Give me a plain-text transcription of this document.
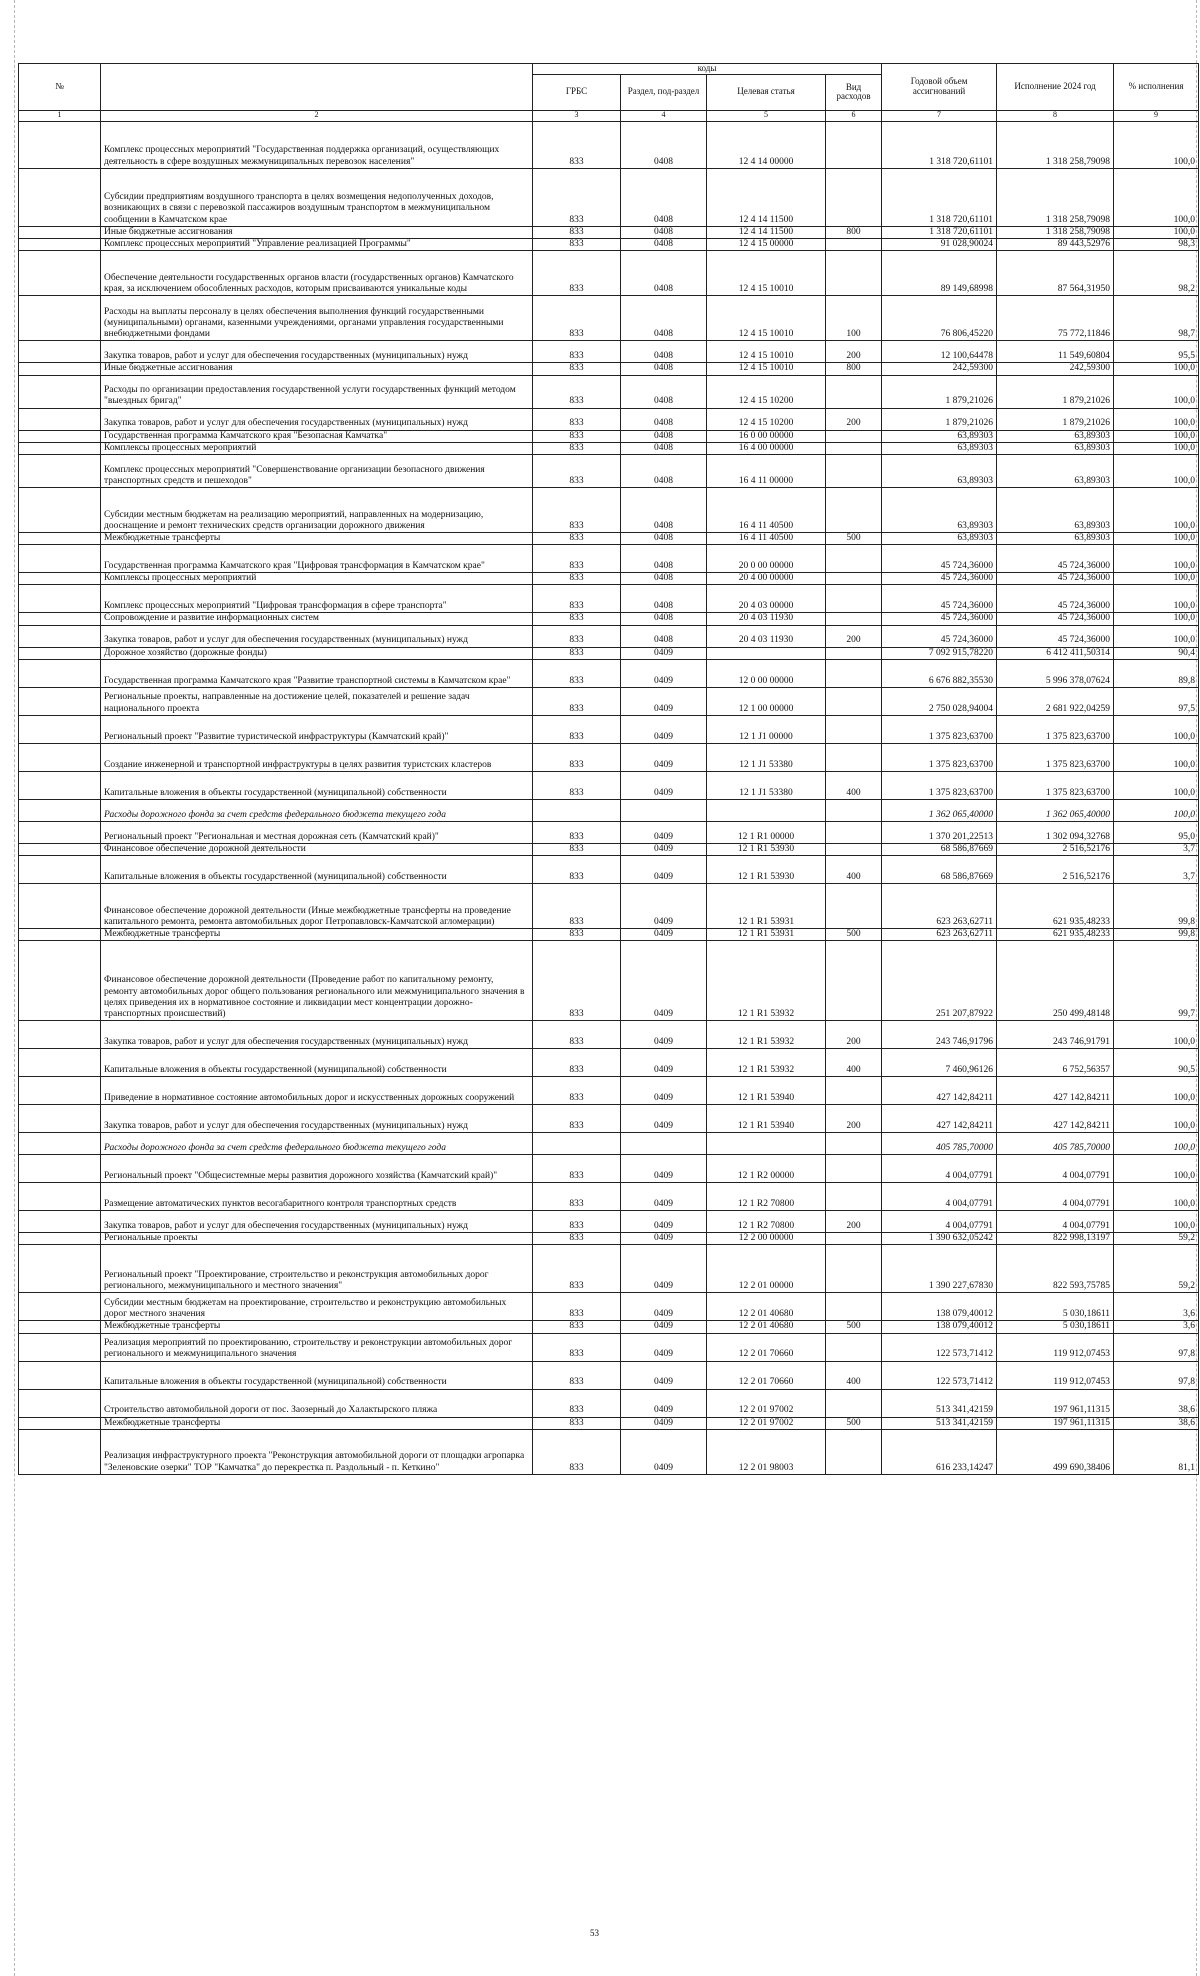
№		коды				Годовой объем ассигнований	Исполнение 2024 год	% исполнения
		ГРБС	Раздел, под-раздел	Целевая статья	Вид расходов			
1	2	3	4	5	6	7	8	9
	Комплекс процессных мероприятий "Государственная поддержка организаций, осуществляющих деятельность в сфере воздушных межмуниципальных перевозок населения"	833	0408	12 4 14 00000		1 318 720,61101	1 318 258,79098	100,0
	Субсидии предприятиям воздушного транспорта в целях возмещения недополученных доходов, возникающих в связи с перевозкой пассажиров воздушным транспортом в межмуниципальном сообщении в Камчатском крае	833	0408	12 4 14 11500		1 318 720,61101	1 318 258,79098	100,0
	Иные бюджетные ассигнования	833	0408	12 4 14 11500	800	1 318 720,61101	1 318 258,79098	100,0
	Комплекс процессных мероприятий "Управление реализацией Программы"	833	0408	12 4 15 00000		91 028,90024	89 443,52976	98,3
	Обеспечение деятельности государственных органов власти (государственных органов) Камчатского края, за исключением обособленных расходов, которым присваиваются уникальные коды	833	0408	12 4 15 10010		89 149,68998	87 564,31950	98,2
	Расходы на выплаты персоналу в целях обеспечения выполнения функций государственными (муниципальными) органами, казенными учреждениями, органами управления государственными внебюджетными фондами	833	0408	12 4 15 10010	100	76 806,45220	75 772,11846	98,7
	Закупка товаров, работ и услуг для обеспечения государственных (муниципальных) нужд	833	0408	12 4 15 10010	200	12 100,64478	11 549,60804	95,5
	Иные бюджетные ассигнования	833	0408	12 4 15 10010	800	242,59300	242,59300	100,0
	Расходы по организации предоставления государственной услуги государственных функций методом "выездных бригад"	833	0408	12 4 15 10200		1 879,21026	1 879,21026	100,0
	Закупка товаров, работ и услуг для обеспечения государственных (муниципальных) нужд	833	0408	12 4 15 10200	200	1 879,21026	1 879,21026	100,0
	Государственная программа Камчатского края "Безопасная Камчатка"	833	0408	16 0 00 00000		63,89303	63,89303	100,0
	Комплексы процессных мероприятий	833	0408	16 4 00 00000		63,89303	63,89303	100,0
	Комплекс процессных мероприятий "Совершенствование организации безопасного движения транспортных средств и пешеходов"	833	0408	16 4 11 00000		63,89303	63,89303	100,0
	Субсидии местным бюджетам на реализацию мероприятий, направленных на модернизацию, дооснащение и ремонт технических средств организации дорожного движения	833	0408	16 4 11 40500		63,89303	63,89303	100,0
	Межбюджетные трансферты	833	0408	16 4 11 40500	500	63,89303	63,89303	100,0
	Государственная программа Камчатского края "Цифровая трансформация в Камчатском крае"	833	0408	20 0 00 00000		45 724,36000	45 724,36000	100,0
	Комплексы процессных мероприятий	833	0408	20 4 00 00000		45 724,36000	45 724,36000	100,0
	Комплекс процессных мероприятий "Цифровая трансформация в сфере транспорта"	833	0408	20 4 03 00000		45 724,36000	45 724,36000	100,0
	Сопровождение и развитие информационных систем	833	0408	20 4 03 11930		45 724,36000	45 724,36000	100,0
	Закупка товаров, работ и услуг для обеспечения государственных (муниципальных) нужд	833	0408	20 4 03 11930	200	45 724,36000	45 724,36000	100,0
	Дорожное хозяйство (дорожные фонды)	833	0409			7 092 915,78220	6 412 411,50314	90,4
	Государственная программа Камчатского края "Развитие транспортной системы в Камчатском крае"	833	0409	12 0 00 00000		6 676 882,35530	5 996 378,07624	89,8
	Региональные проекты, направленные на достижение целей, показателей и решение задач национального проекта	833	0409	12 1 00 00000		2 750 028,94004	2 681 922,04259	97,5
	Региональный проект "Развитие туристической инфраструктуры (Камчатский край)"	833	0409	12 1 J1 00000		1 375 823,63700	1 375 823,63700	100,0
	Создание инженерной и транспортной инфраструктуры в целях развития туристских кластеров	833	0409	12 1 J1 53380		1 375 823,63700	1 375 823,63700	100,0
	Капитальные вложения в объекты государственной (муниципальной) собственности	833	0409	12 1 J1 53380	400	1 375 823,63700	1 375 823,63700	100,0
	Расходы дорожного фонда за счет средств федерального бюджета текущего года					1 362 065,40000	1 362 065,40000	100,0
	Региональный проект "Региональная и местная дорожная сеть (Камчатский край)"	833	0409	12 1 R1 00000		1 370 201,22513	1 302 094,32768	95,0
	Финансовое обеспечение дорожной деятельности	833	0409	12 1 R1 53930		68 586,87669	2 516,52176	3,7
	Капитальные вложения в объекты государственной (муниципальной) собственности	833	0409	12 1 R1 53930	400	68 586,87669	2 516,52176	3,7
	Финансовое обеспечение дорожной деятельности (Иные межбюджетные трансферты на проведение капитального ремонта, ремонта автомобильных дорог Петропавловск-Камчатской агломерации)	833	0409	12 1 R1 53931		623 263,62711	621 935,48233	99,8
	Межбюджетные трансферты	833	0409	12 1 R1 53931	500	623 263,62711	621 935,48233	99,8
	Финансовое обеспечение дорожной деятельности (Проведение работ по капитальному ремонту, ремонту автомобильных дорог общего пользования регионального или межмуниципального значения в целях приведения их в нормативное состояние и ликвидации мест концентрации дорожно-транспортных происшествий)	833	0409	12 1 R1 53932		251 207,87922	250 499,48148	99,7
	Закупка товаров, работ и услуг для обеспечения государственных (муниципальных) нужд	833	0409	12 1 R1 53932	200	243 746,91796	243 746,91791	100,0
	Капитальные вложения в объекты государственной (муниципальной) собственности	833	0409	12 1 R1 53932	400	7 460,96126	6 752,56357	90,5
	Приведение в нормативное состояние автомобильных дорог и искусственных дорожных сооружений	833	0409	12 1 R1 53940		427 142,84211	427 142,84211	100,0
	Закупка товаров, работ и услуг для обеспечения государственных (муниципальных) нужд	833	0409	12 1 R1 53940	200	427 142,84211	427 142,84211	100,0
	Расходы дорожного фонда за счет средств федерального бюджета текущего года					405 785,70000	405 785,70000	100,0
	Региональный проект "Общесистемные меры развития дорожного хозяйства (Камчатский край)"	833	0409	12 1 R2 00000		4 004,07791	4 004,07791	100,0
	Размещение автоматических пунктов весогабаритного контроля транспортных средств	833	0409	12 1 R2 70800		4 004,07791	4 004,07791	100,0
	Закупка товаров, работ и услуг для обеспечения государственных (муниципальных) нужд	833	0409	12 1 R2 70800	200	4 004,07791	4 004,07791	100,0
	Региональные проекты	833	0409	12 2 00 00000		1 390 632,05242	822 998,13197	59,2
	Региональный проект "Проектирование, строительство и реконструкция автомобильных дорог регионального, межмуниципального и местного значения"	833	0409	12 2 01 00000		1 390 227,67830	822 593,75785	59,2
	Субсидии местным бюджетам на проектирование, строительство и реконструкцию автомобильных дорог местного значения	833	0409	12 2 01 40680		138 079,40012	5 030,18611	3,6
	Межбюджетные трансферты	833	0409	12 2 01 40680	500	138 079,40012	5 030,18611	3,6
	Реализация мероприятий по проектированию, строительству и реконструкции автомобильных дорог регионального и межмуниципального значения	833	0409	12 2 01 70660		122 573,71412	119 912,07453	97,8
	Капитальные вложения в объекты государственной (муниципальной) собственности	833	0409	12 2 01 70660	400	122 573,71412	119 912,07453	97,8
	Строительство автомобильной дороги от пос. Заозерный до Халактырского пляжа	833	0409	12 2 01 97002		513 341,42159	197 961,11315	38,6
	Межбюджетные трансферты	833	0409	12 2 01 97002	500	513 341,42159	197 961,11315	38,6
	Реализация инфраструктурного проекта "Реконструкция автомобильной дороги от площадки агропарка "Зеленовские озерки" ТОР "Камчатка" до перекрестка п. Раздольный - п. Кеткино"	833	0409	12 2 01 98003		616 233,14247	499 690,38406	81,1
53
